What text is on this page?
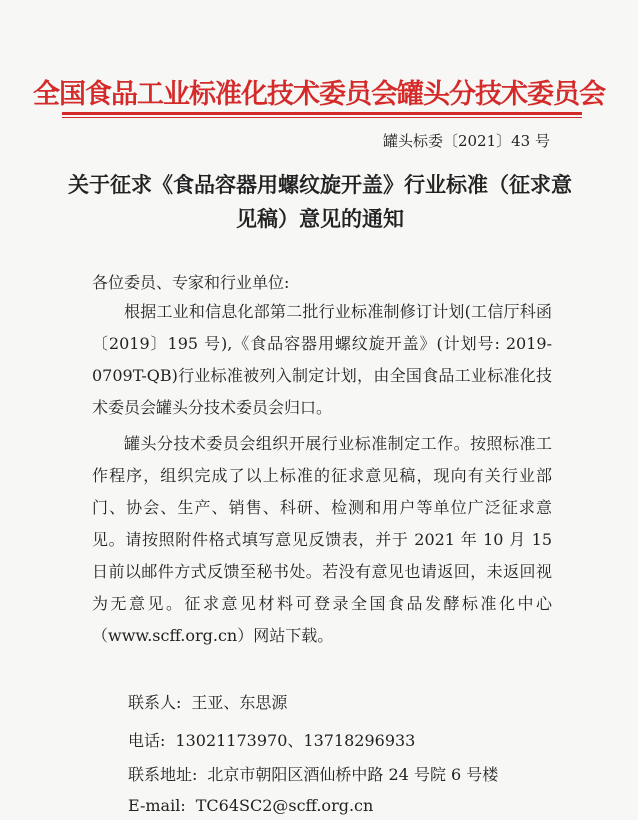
全国食品工业标准化技术委员会罐头分技术委员会
罐头标委〔2021〕43 号
关于征求《食品容器用螺纹旋开盖》行业标准（征求意见稿）意见的通知
各位委员、专家和行业单位:
根据工业和信息化部第二批行业标准制修订计划(工信厅科函〔2019〕195 号),《食品容器用螺纹旋开盖》(计划号: 2019-0709T-QB)行业标准被列入制定计划，由全国食品工业标准化技术委员会罐头分技术委员会归口。
罐头分技术委员会组织开展行业标准制定工作。按照标准工作程序，组织完成了以上标准的征求意见稿，现向有关行业部门、协会、生产、销售、科研、检测和用户等单位广泛征求意见。请按照附件格式填写意见反馈表，并于 2021 年 10 月 15 日前以邮件方式反馈至秘书处。若没有意见也请返回，未返回视为无意见。征求意见材料可登录全国食品发酵标准化中心（www.scff.org.cn）网站下载。
联系人: 王亚、东思源
电话: 13021173970、13718296933
联系地址: 北京市朝阳区酒仙桥中路 24 号院 6 号楼
E-mail: TC64SC2@scff.org.cn
